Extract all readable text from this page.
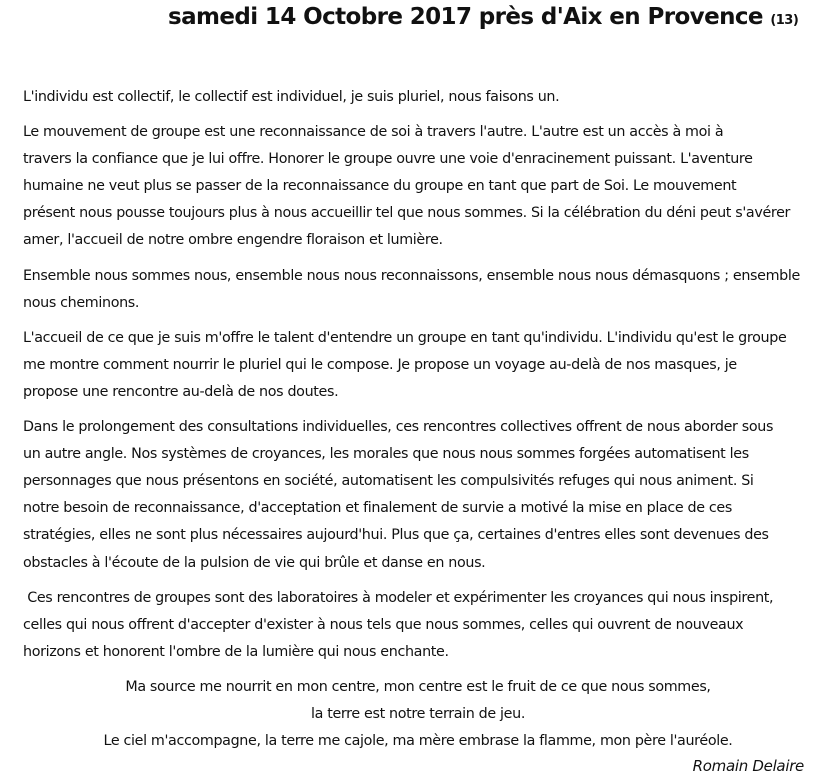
samedi 14 Octobre 2017 près d'Aix en Provence (13)
L'individu est collectif, le collectif est individuel, je suis pluriel, nous faisons un.
Le mouvement de groupe est une reconnaissance de soi à travers l'autre. L'autre est un accès à moi à
travers la confiance que je lui offre. Honorer le groupe ouvre une voie d'enracinement puissant. L'aventure
humaine ne veut plus se passer de la reconnaissance du groupe en tant que part de Soi. Le mouvement
présent nous pousse toujours plus à nous accueillir tel que nous sommes. Si la célébration du déni peut s'avérer
amer, l'accueil de notre ombre engendre floraison et lumière.
Ensemble nous sommes nous, ensemble nous nous reconnaissons, ensemble nous nous démasquons ; ensemble
nous cheminons.
L'accueil de ce que je suis m'offre le talent d'entendre un groupe en tant qu'individu. L'individu qu'est le groupe
me montre comment nourrir le pluriel qui le compose. Je propose un voyage au-delà de nos masques, je
propose une rencontre au-delà de nos doutes.
Dans le prolongement des consultations individuelles, ces rencontres collectives offrent de nous aborder sous
un autre angle. Nos systèmes de croyances, les morales que nous nous sommes forgées automatisent les
personnages que nous présentons en société, automatisent les compulsivités refuges qui nous animent. Si
notre besoin de reconnaissance, d'acceptation et finalement de survie a motivé la mise en place de ces
stratégies, elles ne sont plus nécessaires aujourd'hui. Plus que ça, certaines d'entres elles sont devenues des
obstacles à l'écoute de la pulsion de vie qui brûle et danse en nous.
Ces rencontres de groupes sont des laboratoires à modeler et expérimenter les croyances qui nous inspirent,
celles qui nous offrent d'accepter d'exister à nous tels que nous sommes, celles qui ouvrent de nouveaux
horizons et honorent l'ombre de la lumière qui nous enchante.
Ma source me nourrit en mon centre, mon centre est le fruit de ce que nous sommes,
la terre est notre terrain de jeu.
Le ciel m'accompagne, la terre me cajole, ma mère embrase la flamme, mon père l'auréole.
Romain Delaire
